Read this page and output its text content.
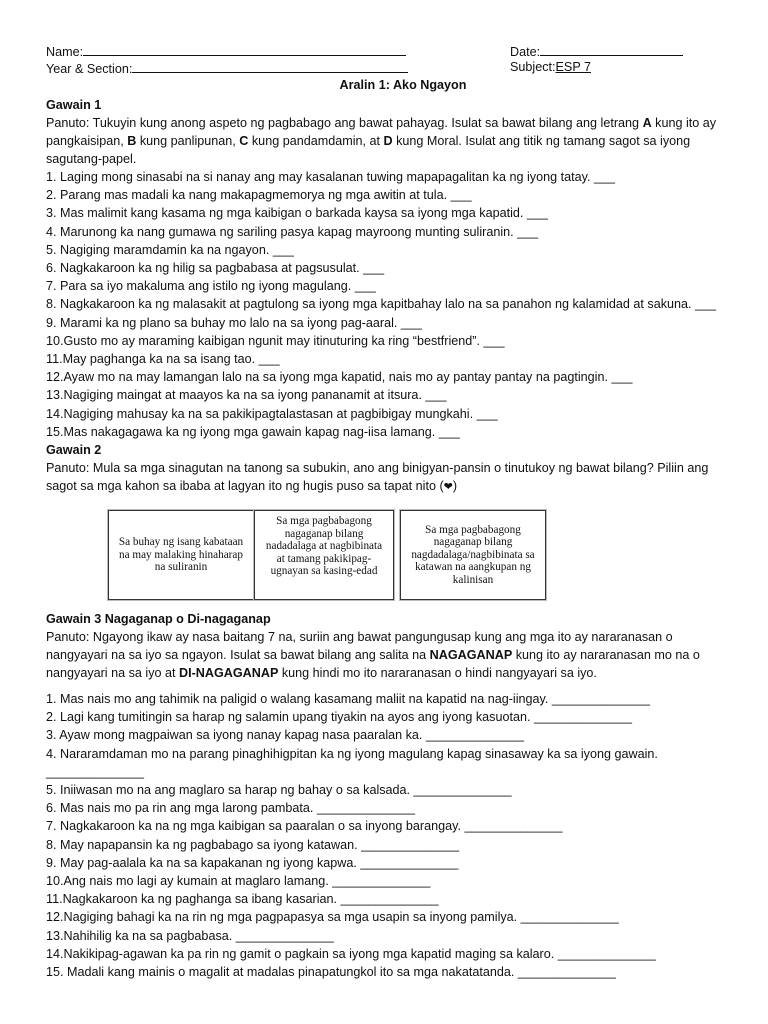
Name:	Date:
Year & Section:	Subject:ESP 7
Aralin 1: Ako Ngayon
Gawain 1
Panuto: Tukuyin kung anong aspeto ng pagbabago ang bawat pahayag. Isulat sa bawat bilang ang letrang A kung ito ay pangkaisipan, B kung panlipunan, C kung pandamdamin, at D kung Moral. Isulat ang titik ng tamang sagot sa iyong sagutang-papel.
1. Laging mong sinasabi na si nanay ang may kasalanan tuwing mapapagalitan ka ng iyong tatay. ___
2. Parang mas madali ka nang makapagmemorya ng mga awitin at tula. ___
3. Mas malimit kang kasama ng mga kaibigan o barkada kaysa sa iyong mga kapatid. ___
4. Marunong ka nang gumawa ng sariling pasya kapag mayroong munting suliranin. ___
5. Nagiging maramdamin ka na ngayon. ___
6. Nagkakaroon ka ng hilig sa pagbabasa at pagsusulat. ___
7. Para sa iyo makaluma ang istilo ng iyong magulang. ___
8. Nagkakaroon ka ng malasakit at pagtulong sa iyong mga kapitbahay lalo na sa panahon ng kalamidad at sakuna. ___
9. Marami ka ng plano sa buhay mo lalo na sa iyong pag-aaral. ___
10.Gusto mo ay maraming kaibigan ngunit may itinuturing ka ring “bestfriend”. ___
11.May paghanga ka na sa isang tao. ___
12.Ayaw mo na may lamangan lalo na sa iyong mga kapatid, nais mo ay pantay pantay na pagtingin. ___
13.Nagiging maingat at maayos ka na sa iyong pananamit at itsura. ___
14.Nagiging mahusay ka na sa pakikipagtalastasan at pagbibigay mungkahi. ___
15.Mas nakagagawa ka ng iyong mga gawain kapag nag-iisa lamang. ___
Gawain 2
Panuto: Mula sa mga sinagutan na tanong sa subukin, ano ang binigyan-pansin o tinutukoy ng bawat bilang? Piliin ang sagot sa mga kahon sa ibaba at lagyan ito ng hugis puso sa tapat nito (❤)
Sa buhay ng isang kabataan na may malaking hinaharap na suliranin
Sa mga pagbabagong nagaganap bilang nadadalaga at nagbibinata at tamang pakikipag-ugnayan sa kasing-edad
Sa mga pagbabagong nagaganap bilang nagdadalaga/nagbibinata sa katawan na aangkupan ng kalinisan
Gawain 3 Nagaganap o Di-nagaganap
Panuto: Ngayong ikaw ay nasa baitang 7 na, suriin ang bawat pangungusap kung ang mga ito ay nararanasan o nangyayari na sa iyo sa ngayon. Isulat sa bawat bilang ang salita na NAGAGANAP kung ito ay nararanasan mo na o nangyayari na sa iyo at DI-NAGAGANAP kung hindi mo ito nararanasan o hindi nangyayari sa iyo.
1. Mas nais mo ang tahimik na paligid o walang kasamang maliit na kapatid na nag-iingay. ______________
2. Lagi kang tumitingin sa harap ng salamin upang tiyakin na ayos ang iyong kasuotan. ______________
3. Ayaw mong magpaiwan sa iyong nanay kapag nasa paaralan ka. ______________
4. Nararamdaman mo na parang pinaghihigpitan ka ng iyong magulang kapag sinasaway ka sa iyong gawain. ______________
5. Iniiwasan mo na ang maglaro sa harap ng bahay o sa kalsada. ______________
6. Mas nais mo pa rin ang mga larong pambata. ______________
7. Nagkakaroon ka na ng mga kaibigan sa paaralan o sa inyong barangay. ______________
8. May napapansin ka ng pagbabago sa iyong katawan. ______________
9. May pag-aalala ka na sa kapakanan ng iyong kapwa. ______________
10.Ang nais mo lagi ay kumain at maglaro lamang. ______________
11.Nagkakaroon ka ng paghanga sa ibang kasarian. ______________
12.Nagiging bahagi ka na rin ng mga pagpapasya sa mga usapin sa inyong pamilya. ______________
13.Nahihilig ka na sa pagbabasa. ______________
14.Nakikipag-agawan ka pa rin ng gamit o pagkain sa iyong mga kapatid maging sa kalaro. ______________
15. Madali kang mainis o magalit at madalas pinapatungkol ito sa mga nakatatanda. ______________
